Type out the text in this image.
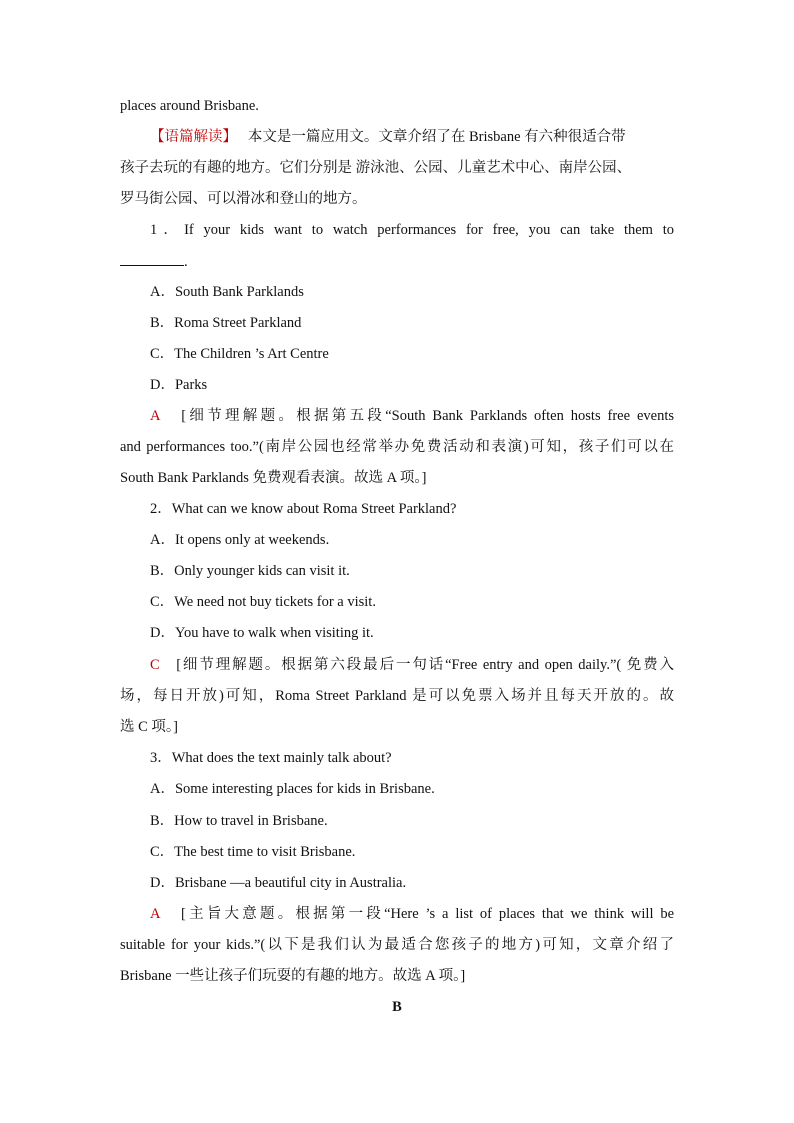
places around Brisbane.
【语篇解读】 本文是一篇应用文。文章介绍了在 Brisbane 有六种很适合带
孩子去玩的有趣的地方。它们分别是 游泳池、公园、儿童艺术中心、南岸公园、
罗马街公园、可以滑冰和登山的地方。
1．If your kids want to watch performances for free, you can take them to
.
A．South Bank Parklands
B．Roma Street Parkland
C．The Children ’s Art Centre
D．Parks
A [细节理解题。根据第五段“South Bank Parklands often hosts free events
and performances too.”(南岸公园也经常举办免费活动和表演)可知，孩子们可以在
South Bank Parklands 免费观看表演。故选 A 项。]
2．What can we know about Roma Street Parkland?
A．It opens only at weekends.
B．Only younger kids can visit it.
C．We need not buy tickets for a visit.
D．You have to walk when visiting it.
C [细节理解题。根据第六段最后一句话“Free entry and open daily.”( 免费入
场，每日开放)可知，Roma Street Parkland 是可以免票入场并且每天开放的。故
选 C 项。]
3．What does the text mainly talk about?
A．Some interesting places for kids in Brisbane.
B．How to travel in Brisbane.
C．The best time to visit Brisbane.
D．Brisbane —a beautiful city in Australia.
A [主旨大意题。根据第一段“Here ’s a list of places that we think will be
suitable for your kids.”(以下是我们认为最适合您孩子的地方)可知，文章介绍了
Brisbane 一些让孩子们玩耍的有趣的地方。故选 A 项。]
B
